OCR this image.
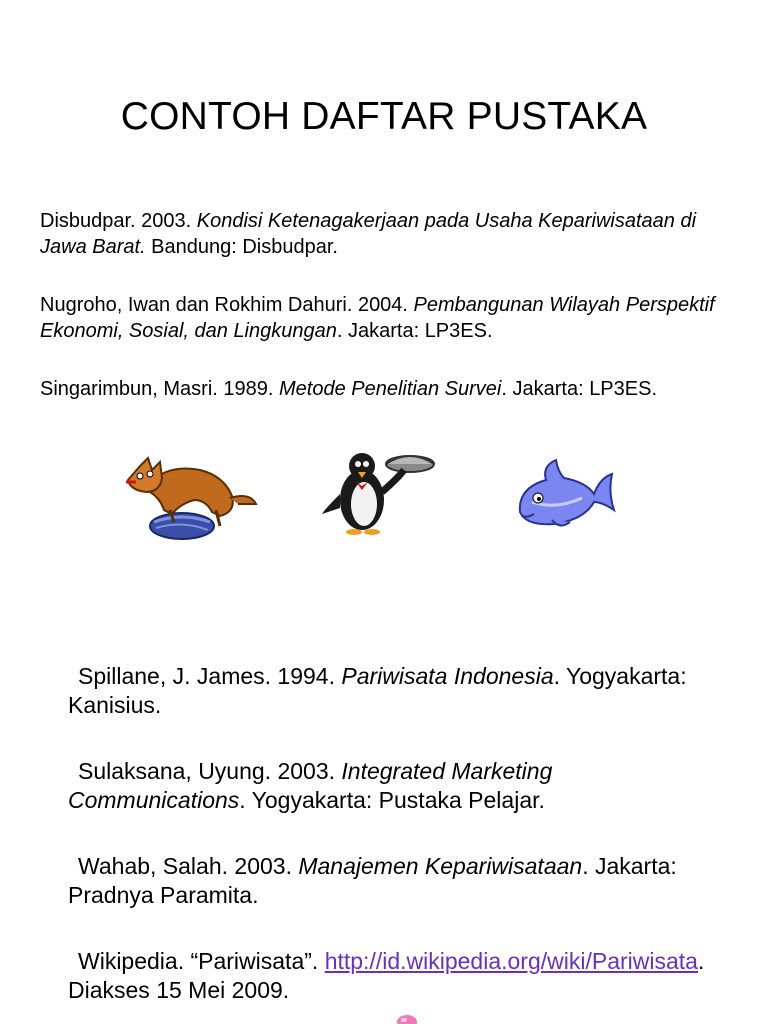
CONTOH DAFTAR PUSTAKA

Disbudpar. 2003. Kondisi Ketenagakerjaan pada Usaha Kepariwisataan di Jawa Barat. Bandung: Disbudpar.

Nugroho, Iwan dan Rokhim Dahuri. 2004. Pembangunan Wilayah Perspektif Ekonomi, Sosial, dan Lingkungan. Jakarta: LP3ES.

Singarimbun, Masri. 1989. Metode Penelitian Survei. Jakarta: LP3ES.

Spillane, J. James. 1994. Pariwisata Indonesia. Yogyakarta: Kanisius.

Sulaksana, Uyung. 2003. Integrated Marketing Communications. Yogyakarta: Pustaka Pelajar.

Wahab, Salah. 2003. Manajemen Kepariwisataan. Jakarta: Pradnya Paramita.

Wikipedia. “Pariwisata”. http://id.wikipedia.org/wiki/Pariwisata. Diakses 15 Mei 2009.
